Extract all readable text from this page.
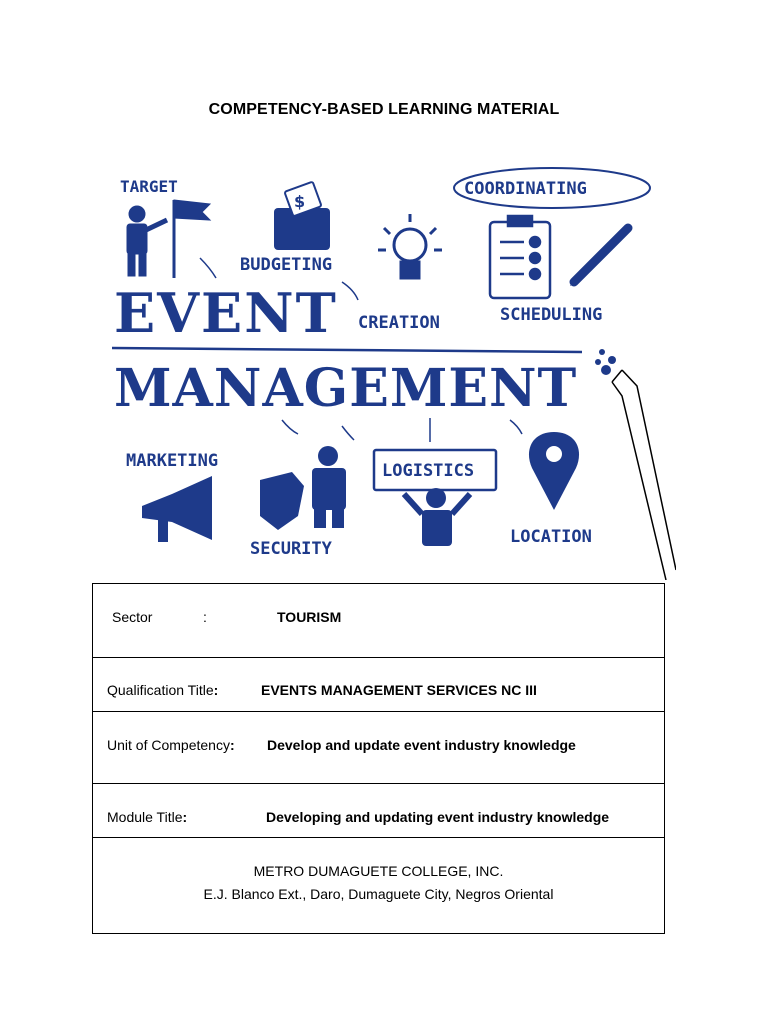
COMPETENCY-BASED LEARNING MATERIAL
TARGET
$
BUDGETING
COORDINATING
CREATION	SCHEDULING
EVENT
MANAGEMENT
MARKETING
SECURITY
LOGISTICS
LOCATION
Sector	:	TOURISM
Qualification Title:	EVENTS MANAGEMENT SERVICES NC III
Unit of Competency: Develop and update event industry knowledge
Module Title:	Developing and updating event industry knowledge
METRO DUMAGUETE COLLEGE, INC.
E.J. Blanco Ext., Daro, Dumaguete City, Negros Oriental
